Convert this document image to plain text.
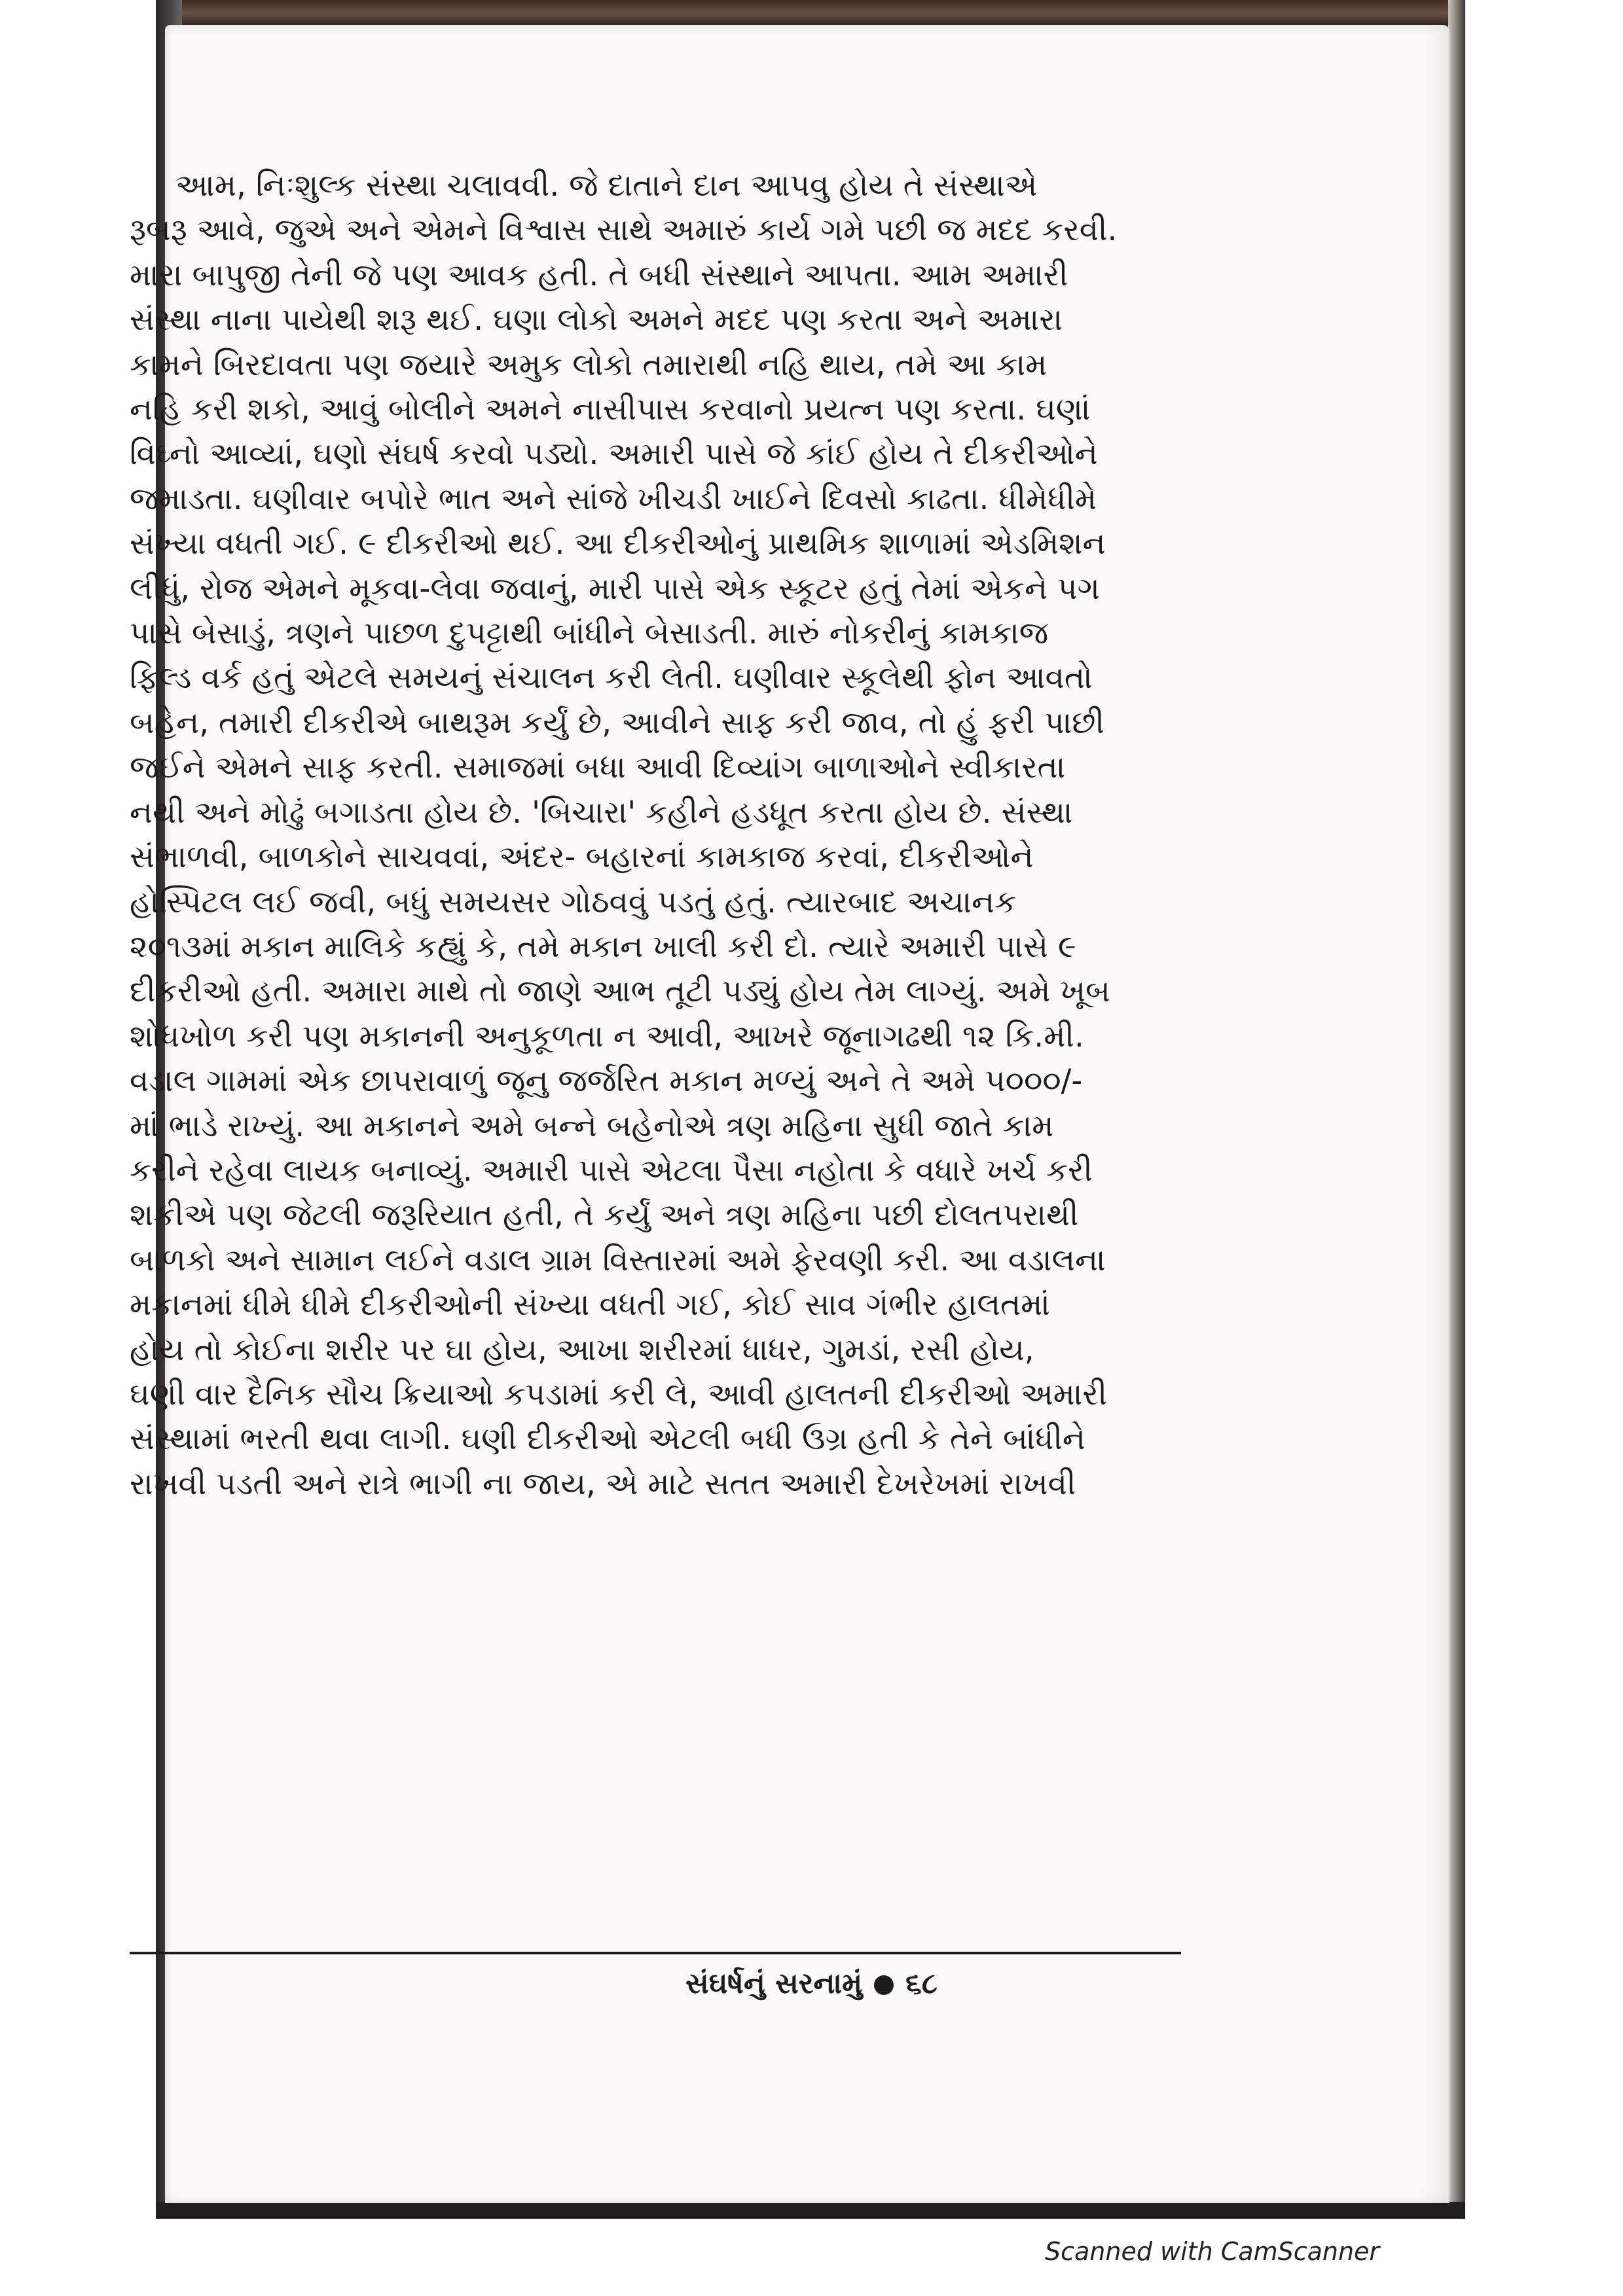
આમ, નિઃશુલ્ક સંસ્થા ચલાવવી. જે દાતાને દાન આપવુ હોય તે સંસ્થાએ
રૂબરૂ આવે, જુએ અને એમને વિશ્વાસ સાથે અમારું કાર્ય ગમે પછી જ મદદ કરવી.
મારા બાપુજી તેની જે પણ આવક હતી. તે બધી સંસ્થાને આપતા. આમ અમારી
સંસ્થા નાના પાયેથી શરૂ થઈ. ઘણા લોકો અમને મદદ પણ કરતા અને અમારા
કામને બિરદાવતા પણ જયારે અમુક લોકો તમારાથી નહિ થાય, તમે આ કામ
નહિ કરી શકો, આવું બોલીને અમને નાસીપાસ કરવાનો પ્રયત્ન પણ કરતા. ઘણાં
વિઘ્નો આવ્યાં, ઘણો સંઘર્ષ કરવો પડ્યો. અમારી પાસે જે કાંઈ હોય તે દીકરીઓને
જમાડતા. ઘણીવાર બપોરે ભાત અને સાંજે ખીચડી ખાઈને દિવસો કાઢતા. ધીમેધીમે
સંખ્યા વધતી ગઈ. ૯ દીકરીઓ થઈ. આ દીકરીઓનું પ્રાથમિક શાળામાં એડમિશન
લીધું, રોજ એમને મૂકવા-લેવા જવાનું, મારી પાસે એક સ્કૂટર હતું તેમાં એકને પગ
પાસે બેસાડું, ત્રણને પાછળ દુપટ્ટાથી બાંધીને બેસાડતી. મારું નોકરીનું કામકાજ
ફિલ્ડ વર્ક હતું એટલે સમયનું સંચાલન કરી લેતી. ઘણીવાર સ્કૂલેથી ફોન આવતો
બહેન, તમારી દીકરીએ બાથરૂમ કર્યું છે, આવીને સાફ કરી જાવ, તો હું ફરી પાછી
જઈને એમને સાફ કરતી. સમાજમાં બધા આવી દિવ્યાંગ બાળાઓને સ્વીકારતા
નથી અને મોઢું બગાડતા હોય છે. 'બિચારા' કહીને હડધૂત કરતા હોય છે. સંસ્થા
સંભાળવી, બાળકોને સાચવવાં, અંદર- બહારનાં કામકાજ કરવાં, દીકરીઓને
હોસ્પિટલ લઈ જવી, બધું સમયસર ગોઠવવું પડતું હતું. ત્યારબાદ અચાનક
૨૦૧૩માં મકાન માલિકે કહ્યું કે, તમે મકાન ખાલી કરી દો. ત્યારે અમારી પાસે ૯
દીકરીઓ હતી. અમારા માથે તો જાણે આભ તૂટી પડ્યું હોય તેમ લાગ્યું. અમે ખૂબ
શોધખોળ કરી પણ મકાનની અનુકૂળતા ન આવી, આખરે જૂનાગઢથી ૧૨ કિ.મી.
વડાલ ગામમાં એક છાપરાવાળું જૂનુ જર્જરિત મકાન મળ્યું અને તે અમે ૫૦૦૦/-
માં ભાડે રાખ્યું. આ મકાનને અમે બન્ને બહેનોએ ત્રણ મહિના સુધી જાતે કામ
કરીને રહેવા લાયક બનાવ્યું. અમારી પાસે એટલા પૈસા નહોતા કે વધારે ખર્ચ કરી
શકીએ પણ જેટલી જરૂરિયાત હતી, તે કર્યું અને ત્રણ મહિના પછી દોલતપરાથી
બાળકો અને સામાન લઈને વડાલ ગ્રામ વિસ્તારમાં અમે ફેરવણી કરી. આ વડાલના
મકાનમાં ધીમે ધીમે દીકરીઓની સંખ્યા વધતી ગઈ, કોઈ સાવ ગંભીર હાલતમાં
હોય તો કોઈના શરીર પર ઘા હોય, આખા શરીરમાં ધાધર, ગુમડાં, રસી હોય,
ઘણી વાર દૈનિક સૌચ ક્રિયાઓ કપડામાં કરી લે, આવી હાલતની દીકરીઓ અમારી
સંસ્થામાં ભરતી થવા લાગી. ઘણી દીકરીઓ એટલી બધી ઉગ્ર હતી કે તેને બાંધીને
રાખવી પડતી અને રાત્રે ભાગી ના જાય, એ માટે સતત અમારી દેખરેખમાં રાખવી
સંઘર્ષનું સરનામું ૬૮
Scanned with CamScanner
